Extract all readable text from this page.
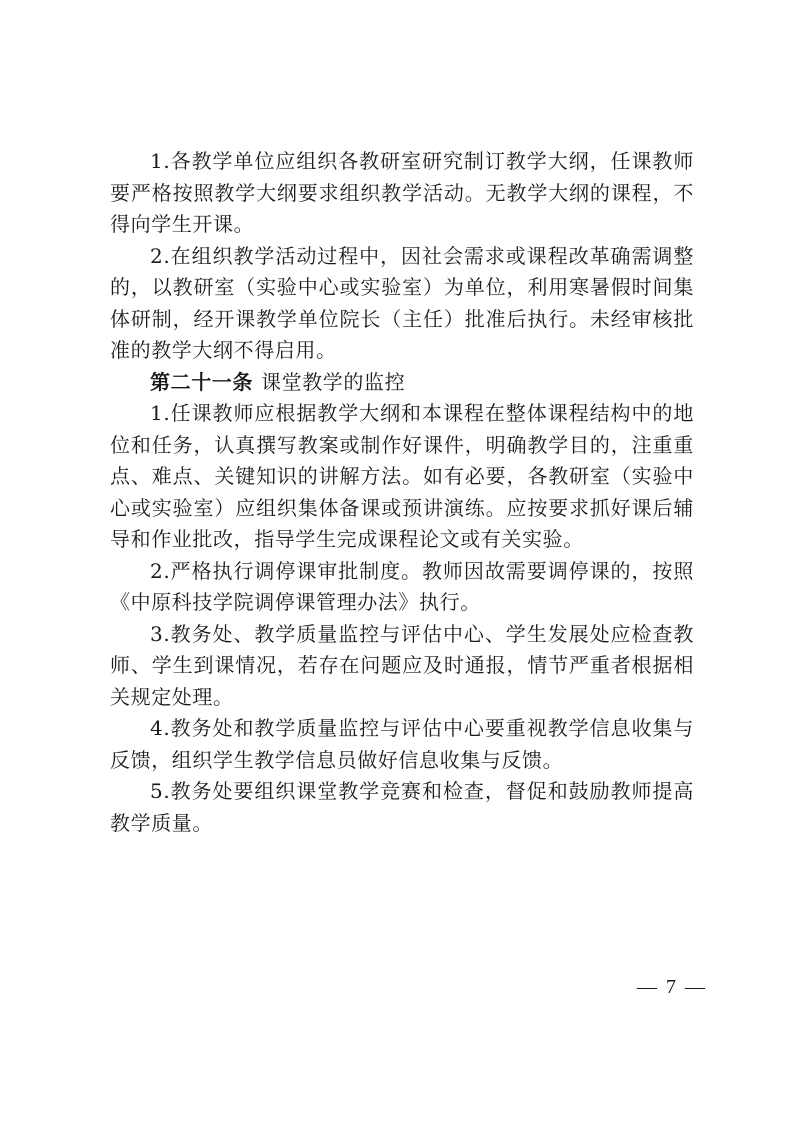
1.各教学单位应组织各教研室研究制订教学大纲，任课教师要严格按照教学大纲要求组织教学活动。无教学大纲的课程，不得向学生开课。

2.在组织教学活动过程中，因社会需求或课程改革确需调整的，以教研室（实验中心或实验室）为单位，利用寒暑假时间集体研制，经开课教学单位院长（主任）批准后执行。未经审核批准的教学大纲不得启用。

第二十一条 课堂教学的监控

1.任课教师应根据教学大纲和本课程在整体课程结构中的地位和任务，认真撰写教案或制作好课件，明确教学目的，注重重点、难点、关键知识的讲解方法。如有必要，各教研室（实验中心或实验室）应组织集体备课或预讲演练。应按要求抓好课后辅导和作业批改，指导学生完成课程论文或有关实验。

2.严格执行调停课审批制度。教师因故需要调停课的，按照《中原科技学院调停课管理办法》执行。

3.教务处、教学质量监控与评估中心、学生发展处应检查教师、学生到课情况，若存在问题应及时通报，情节严重者根据相关规定处理。

4.教务处和教学质量监控与评估中心要重视教学信息收集与反馈，组织学生教学信息员做好信息收集与反馈。

5.教务处要组织课堂教学竞赛和检查，督促和鼓励教师提高教学质量。

— 7 —
